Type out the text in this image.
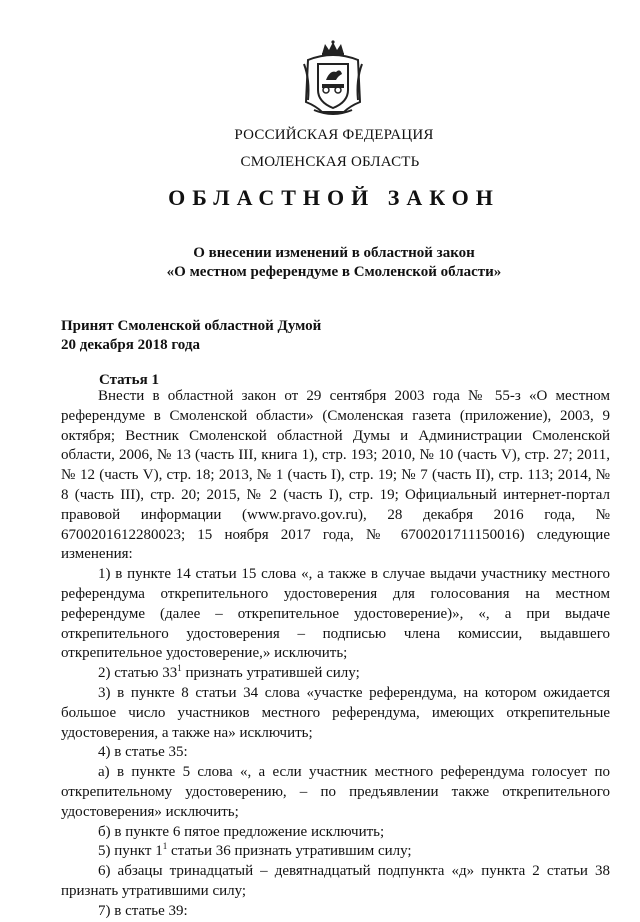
РОССИЙСКАЯ ФЕДЕРАЦИЯ
СМОЛЕНСКАЯ ОБЛАСТЬ
ОБЛАСТНОЙ ЗАКОН
О внесении изменений в областной закон
«О местном референдуме в Смоленской области»
Принят Смоленской областной Думой
20 декабря 2018 года
Статья 1

Внести в областной закон от 29 сентября 2003 года № 55-з «О местном референдуме в Смоленской области» (Смоленская газета (приложение), 2003, 9 октября; Вестник Смоленской областной Думы и Администрации Смоленской области, 2006, № 13 (часть III, книга 1), стр. 193; 2010, № 10 (часть V), стр. 27; 2011, № 12 (часть V), стр. 18; 2013, № 1 (часть I), стр. 19; № 7 (часть II), стр. 113; 2014, № 8 (часть III), стр. 20; 2015, № 2 (часть I), стр. 19; Официальный интернет-портал правовой информации (www.pravo.gov.ru), 28 декабря 2016 года, № 6700201612280023; 15 ноября 2017 года, № 6700201711150016) следующие изменения:

1) в пункте 14 статьи 15 слова «, а также в случае выдачи участнику местного референдума открепительного удостоверения для голосования на местном референдуме (далее – открепительное удостоверение)», «, а при выдаче открепительного удостоверения – подписью члена комиссии, выдавшего открепительное удостоверение,» исключить;

2) статью $33^1$ признать утратившей силу;

3) в пункте 8 статьи 34 слова «участке референдума, на котором ожидается большое число участников местного референдума, имеющих открепительные удостоверения, а также на» исключить;

4) в статье 35:

а) в пункте 5 слова «, а если участник местного референдума голосует по открепительному удостоверению, – по предъявлении также открепительного удостоверения» исключить;

б) в пункте 6 пятое предложение исключить;

5) пункт $1^1$ статьи 36 признать утратившим силу;

6) абзацы тринадцатый – девятнадцатый подпункта «д» пункта 2 статьи 38 признать утратившими силу;

7) в статье 39:
